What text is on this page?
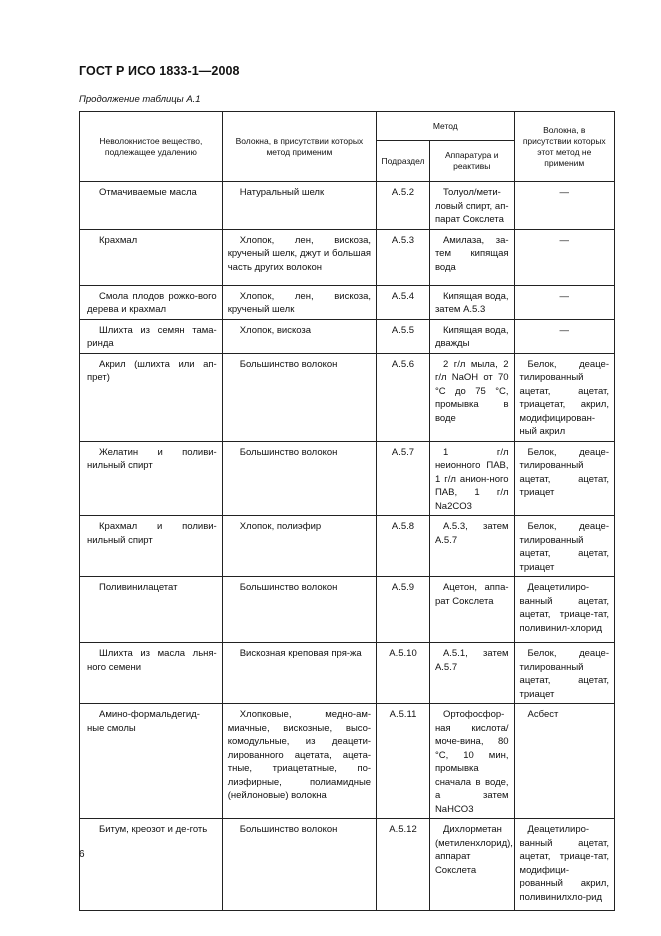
ГОСТ Р ИСО 1833-1—2008
Продолжение таблицы А.1
Неволокнистое вещество, подлежащее удалению	Волокна, в присутствии которых метод применим	Метод		Волокна, в присутствии которых этот метод не применим
		Подраздел	Аппаратура и реактивы	
Отмачиваемые масла	Натуральный шелк	А.5.2	Толуол/мети-ловый спирт, ап-парат Сокслета	—
Крахмал	Хлопок, лен, вискоза, крученый шелк, джут и большая часть других волокон	А.5.3	Амилаза, за-тем кипящая вода	—
Смола плодов рожко-вого дерева и крахмал	Хлопок, лен, вискоза, крученый шелк	А.5.4	Кипящая вода, затем А.5.3	—
Шлихта из семян тама-ринда	Хлопок, вискоза	А.5.5	Кипящая вода, дважды	—
Акрил (шлихта или ап-прет)	Большинство волокон	А.5.6	2 г/л мыла, 2 г/л NaOH от 70 °С до 75 °С, промывка в воде	Белок, деаце-тилированный ацетат, ацетат, триацетат, акрил, модифицирован-ный акрил
Желатин и поливи-нильный спирт	Большинство волокон	А.5.7	1 г/л неионного ПАВ, 1 г/л анион-ного ПАВ, 1 г/л Na2CO3	Белок, деаце-тилированный ацетат, ацетат, триацет
Крахмал и поливи-нильный спирт	Хлопок, полиэфир	А.5.8	А.5.3, затем А.5.7	Белок, деаце-тилированный ацетат, ацетат, триацет
Поливинилацетат	Большинство волокон	А.5.9	Ацетон, аппа-рат Сокслета	Деацетилиро-ванный ацетат, ацетат, триаце-тат, поливинил-хлорид
Шлихта из масла льня-ного семени	Вискозная креповая пря-жа	А.5.10	А.5.1, затем А.5.7	Белок, деаце-тилированный ацетат, ацетат, триацет
Амино-формальдегид-ные смолы	Хлопковые, медно-ам-миачные, вискозные, высо-комодульные, из деацети-лированного ацетата, ацета-тные, триацетатные, по-лиэфирные, полиамидные (нейлоновые) волокна	А.5.11	Ортофосфор-ная кислота/моче-вина, 80 °С, 10 мин, промывка сначала в воде, а затем NaHCO3	Асбест
Битум, креозот и де-готь	Большинство волокон	А.5.12	Дихлорметан (метиленхлорид), аппарат Сокслета	Деацетилиро-ванный ацетат, ацетат, триаце-тат, модифици-рованный акрил, поливинилхло-рид
6
